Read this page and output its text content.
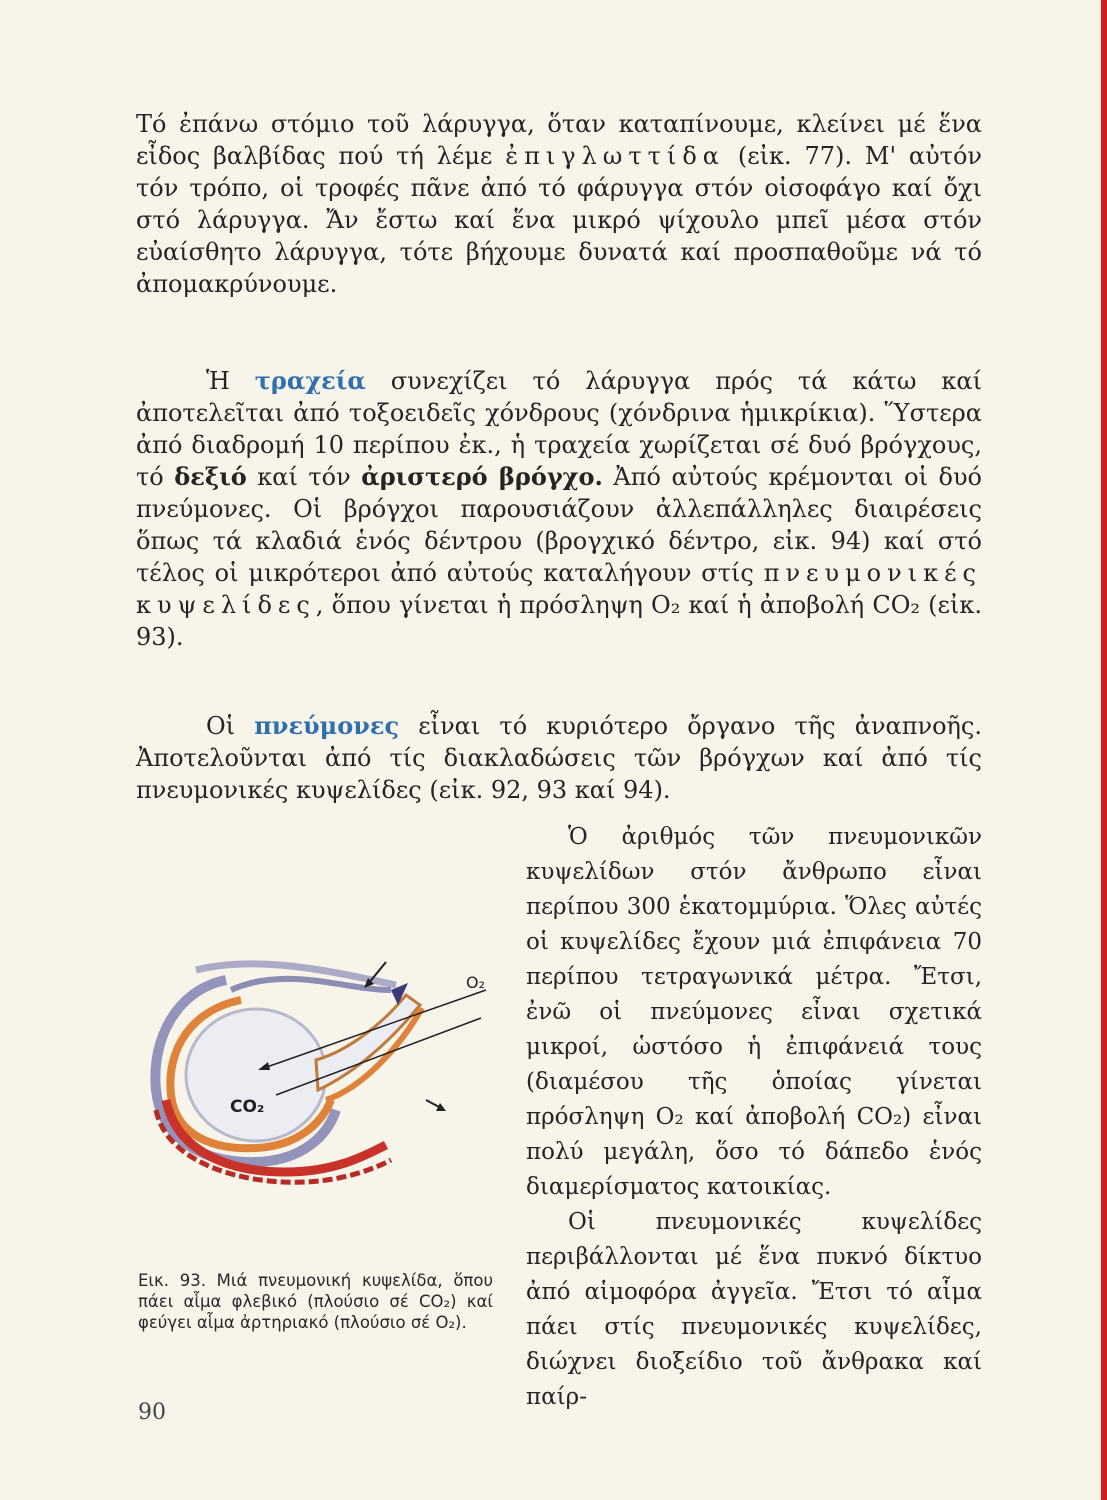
Τό ἐπάνω στόμιο τοῦ λάρυγγα, ὅταν καταπίνουμε, κλείνει μέ ἕνα εἶδος βαλβίδας πού τή λέμε ἐπιγλωττίδα (εἰκ. 77). Μ' αὐτόν τόν τρόπο, οἱ τροφές πᾶνε ἀπό τό φάρυγγα στόν οἰσοφάγο καί ὄχι στό λάρυγγα. Ἄν ἔστω καί ἕνα μικρό ψίχουλο μπεῖ μέσα στόν εὐαίσθητο λάρυγγα, τότε βήχουμε δυνατά καί προσπαθοῦμε νά τό ἀπομακρύνουμε.

Ἡ τραχεία συνεχίζει τό λάρυγγα πρός τά κάτω καί ἀποτελεῖται ἀπό τοξοειδεῖς χόνδρους (χόνδρινα ἡμικρίκια). Ὕστερα ἀπό διαδρομή 10 περίπου ἐκ., ἡ τραχεία χωρίζεται σέ δυό βρόγχους, τό δεξιό καί τόν ἀριστερό βρόγχο. Ἀπό αὐτούς κρέμονται οἱ δυό πνεύμονες. Οἱ βρόγχοι παρουσιάζουν ἀλλεπάλληλες διαιρέσεις ὅπως τά κλαδιά ἑνός δέντρου (βρογχικό δέντρο, εἰκ. 94) καί στό τέλος οἱ μικρότεροι ἀπό αὐτούς καταλήγουν στίς πνευμονικές κυψελίδες, ὅπου γίνεται ἡ πρόσληψη O₂ καί ἡ ἀποβολή CO₂ (εἰκ. 93).

Οἱ πνεύμονες εἶναι τό κυριότερο ὄργανο τῆς ἀναπνοῆς. Ἀποτελοῦνται ἀπό τίς διακλαδώσεις τῶν βρόγχων καί ἀπό τίς πνευμονικές κυψελίδες (εἰκ. 92, 93 καί 94).

Ὁ ἀριθμός τῶν πνευμονικῶν κυψελίδων στόν ἄνθρωπο εἶναι περίπου 300 ἑκατομμύρια. Ὅλες αὐτές οἱ κυψελίδες ἔχουν μιά ἐπιφάνεια 70 περίπου τετραγωνικά μέτρα. Ἔτσι, ἐνῶ οἱ πνεύμονες εἶναι σχετικά μικροί, ὡστόσο ἡ ἐπιφάνειά τους (διαμέσου τῆς ὁποίας γίνεται πρόσληψη O₂ καί ἀποβολή CO₂) εἶναι πολύ μεγάλη, ὅσο τό δάπεδο ἑνός διαμερίσματος κατοικίας.

Οἱ πνευμονικές κυψελίδες περιβάλλονται μέ ἕνα πυκνό δίκτυο ἀπό αἱμοφόρα ἀγγεῖα. Ἔτσι τό αἷμα πάει στίς πνευμονικές κυψελίδες, διώχνει διοξείδιο τοῦ ἄνθρακα καί παίρ-

O₂
CO₂

Εικ. 93. Μιά πνευμονική κυψελίδα, ὅπου πάει αἷμα φλεβικό (πλούσιο σέ CO₂) καί φεύγει αἷμα ἀρτηριακό (πλούσιο σέ O₂).

90
